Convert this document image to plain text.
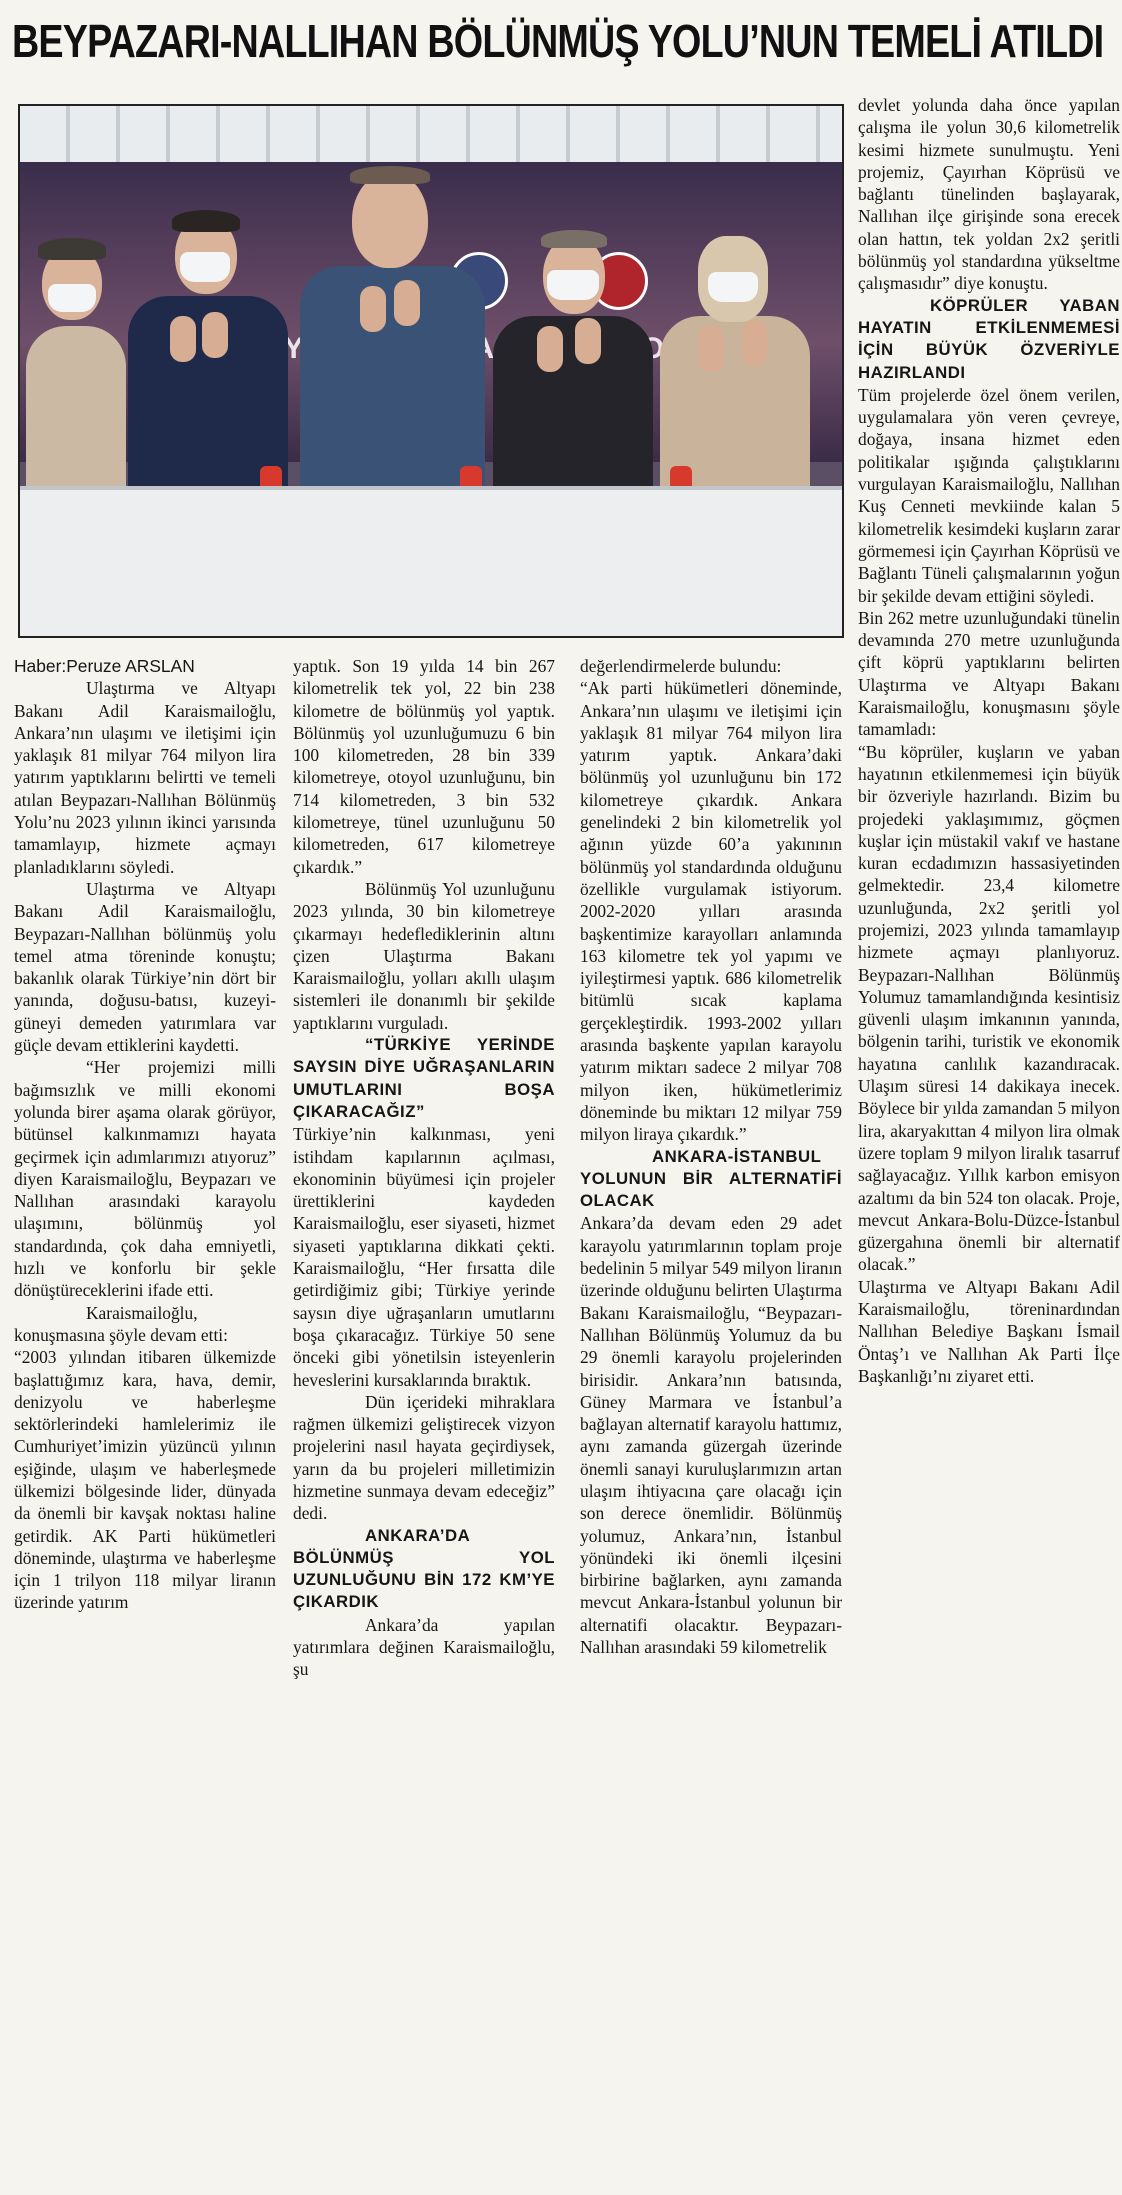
BEYPAZARI-NALLIHAN BÖLÜNMÜŞ YOLU’NUN TEMELİ ATILDI

Haber:Peruze ARSLAN

Ulaştırma ve Altyapı Bakanı Adil Karaismailoğlu, Ankara’nın ulaşımı ve iletişimi için yaklaşık 81 milyar 764 milyon lira yatırım yaptıklarını belirtti ve temeli atılan Beypazarı-Nallıhan Bölünmüş Yolu’nu 2023 yılının ikinci yarısında tamamlayıp, hizmete açmayı planladıklarını söyledi.

Ulaştırma ve Altyapı Bakanı Adil Karaismailoğlu, Beypazarı-Nallıhan bölünmüş yolu temel atma töreninde konuştu; bakanlık olarak Türkiye’nin dört bir yanında, doğusu-batısı, kuzeyi-güneyi demeden yatırımlara var güçle devam ettiklerini kaydetti.

“Her projemizi milli bağımsızlık ve milli ekonomi yolunda birer aşama olarak görüyor, bütünsel kalkınmamızı hayata geçirmek için adımlarımızı atıyoruz” diyen Karaismailoğlu, Beypazarı ve Nallıhan arasındaki karayolu ulaşımını, bölünmüş yol standardında, çok daha emniyetli, hızlı ve konforlu bir şekle dönüştüreceklerini ifade etti.

Karaismailoğlu, konuşmasına şöyle devam etti:

“2003 yılından itibaren ülkemizde başlattığımız kara, hava, demir, denizyolu ve haberleşme sektörlerindeki hamlelerimiz ile Cumhuriyet’imizin yüzüncü yılının eşiğinde, ulaşım ve haberleşmede ülkemizi bölgesinde lider, dünyada da önemli bir kavşak noktası haline getirdik. AK Parti hükümetleri döneminde, ulaştırma ve haberleşme için 1 trilyon 118 milyar liranın üzerinde yatırım

yaptık. Son 19 yılda 14 bin 267 kilometrelik tek yol, 22 bin 238 kilometre de bölünmüş yol yaptık. Bölünmüş yol uzunluğumuzu 6 bin 100 kilometreden, 28 bin 339 kilometreye, otoyol uzunluğunu, bin 714 kilometreden, 3 bin 532 kilometreye, tünel uzunluğunu 50 kilometreden, 617 kilometreye çıkardık.”

Bölünmüş Yol uzunluğunu 2023 yılında, 30 bin kilometreye çıkarmayı hedeflediklerinin altını çizen Ulaştırma Bakanı Karaismailoğlu, yolları akıllı ulaşım sistemleri ile donanımlı bir şekilde yaptıklarını vurguladı.

“TÜRKİYE YERİNDE SAYSIN DİYE UĞRAŞANLARIN UMUTLARINI BOŞA ÇIKARACAĞIZ”

Türkiye’nin kalkınması, yeni istihdam kapılarının açılması, ekonominin büyümesi için projeler ürettiklerini kaydeden Karaismailoğlu, eser siyaseti, hizmet siyaseti yaptıklarına dikkati çekti. Karaismailoğlu, “Her fırsatta dile getirdiğimiz gibi; Türkiye yerinde saysın diye uğraşanların umutlarını boşa çıkaracağız. Türkiye 50 sene önceki gibi yönetilsin isteyenlerin heveslerini kursaklarında bıraktık.

Dün içerideki mihraklara rağmen ülkemizi geliştirecek vizyon projelerini nasıl hayata geçirdiysek, yarın da bu projeleri milletimizin hizmetine sunmaya devam edeceğiz” dedi.

ANKARA’DA BÖLÜNMÜŞ YOL UZUNLUĞUNU BİN 172 KM’YE ÇIKARDIK

Ankara’da yapılan yatırımlara değinen Karaismailoğlu, şu

değerlendirmelerde bulundu:

“Ak parti hükümetleri döneminde, Ankara’nın ulaşımı ve iletişimi için yaklaşık 81 milyar 764 milyon lira yatırım yaptık. Ankara’daki bölünmüş yol uzunluğunu bin 172 kilometreye çıkardık. Ankara genelindeki 2 bin kilometrelik yol ağının yüzde 60’a yakınının bölünmüş yol standardında olduğunu özellikle vurgulamak istiyorum. 2002-2020 yılları arasında başkentimize karayolları anlamında 163 kilometre tek yol yapımı ve iyileştirmesi yaptık. 686 kilometrelik bitümlü sıcak kaplama gerçekleştirdik. 1993-2002 yılları arasında başkente yapılan karayolu yatırım miktarı sadece 2 milyar 708 milyon iken, hükümetlerimiz döneminde bu miktarı 12 milyar 759 milyon liraya çıkardık.”

ANKARA-İSTANBUL YOLUNUN BİR ALTERNATİFİ OLACAK

Ankara’da devam eden 29 adet karayolu yatırımlarının toplam proje bedelinin 5 milyar 549 milyon liranın üzerinde olduğunu belirten Ulaştırma Bakanı Karaismailoğlu, “Beypazarı-Nallıhan Bölünmüş Yolumuz da bu 29 önemli karayolu projelerinden birisidir. Ankara’nın batısında, Güney Marmara ve İstanbul’a bağlayan alternatif karayolu hattımız, aynı zamanda güzergah üzerinde önemli sanayi kuruluşlarımızın artan ulaşım ihtiyacına çare olacağı için son derece önemlidir. Bölünmüş yolumuz, Ankara’nın, İstanbul yönündeki iki önemli ilçesini birbirine bağlarken, aynı zamanda mevcut Ankara-İstanbul yolunun bir alternatifi olacaktır. Beypazarı-Nallıhan arasındaki 59 kilometrelik

devlet yolunda daha önce yapılan çalışma ile yolun 30,6 kilometrelik kesimi hizmete sunulmuştu. Yeni projemiz, Çayırhan Köprüsü ve bağlantı tünelinden başlayarak, Nallıhan ilçe girişinde sona erecek olan hattın, tek yoldan 2x2 şeritli bölünmüş yol standardına yükseltme çalışmasıdır” diye konuştu.

KÖPRÜLER YABAN HAYATIN ETKİLENMEMESİ İÇİN BÜYÜK ÖZVERİYLE HAZIRLANDI

Tüm projelerde özel önem verilen, uygulamalara yön veren çevreye, doğaya, insana hizmet eden politikalar ışığında çalıştıklarını vurgulayan Karaismailoğlu, Nallıhan Kuş Cenneti mevkiinde kalan 5 kilometrelik kesimdeki kuşların zarar görmemesi için Çayırhan Köprüsü ve Bağlantı Tüneli çalışmalarının yoğun bir şekilde devam ettiğini söyledi.

Bin 262 metre uzunluğundaki tünelin devamında 270 metre uzunluğunda çift köprü yaptıklarını belirten Ulaştırma ve Altyapı Bakanı Karaismailoğlu, konuşmasını şöyle tamamladı:

“Bu köprüler, kuşların ve yaban hayatının etkilenmemesi için büyük bir özveriyle hazırlandı. Bizim bu projedeki yaklaşımımız, göçmen kuşlar için müstakil vakıf ve hastane kuran ecdadımızın hassasiyetinden gelmektedir. 23,4 kilometre uzunluğunda, 2x2 şeritli yol projemizi, 2023 yılında tamamlayıp hizmete açmayı planlıyoruz. Beypazarı-Nallıhan Bölünmüş Yolumuz tamamlandığında kesintisiz güvenli ulaşım imkanının yanında, bölgenin tarihi, turistik ve ekonomik hayatına canlılık kazandıracak. Ulaşım süresi 14 dakikaya inecek. Böylece bir yılda zamandan 5 milyon lira, akaryakıttan 4 milyon lira olmak üzere toplam 9 milyon liralık tasarruf sağlayacağız. Yıllık karbon emisyon azaltımı da bin 524 ton olacak. Proje, mevcut Ankara-Bolu-Düzce-İstanbul güzergahına önemli bir alternatif olacak.”

Ulaştırma ve Altyapı Bakanı Adil Karaismailoğlu, töreninardından Nallıhan Belediye Başkanı İsmail Öntaş’ı ve Nallıhan Ak Parti İlçe Başkanlığı’nı ziyaret etti.
